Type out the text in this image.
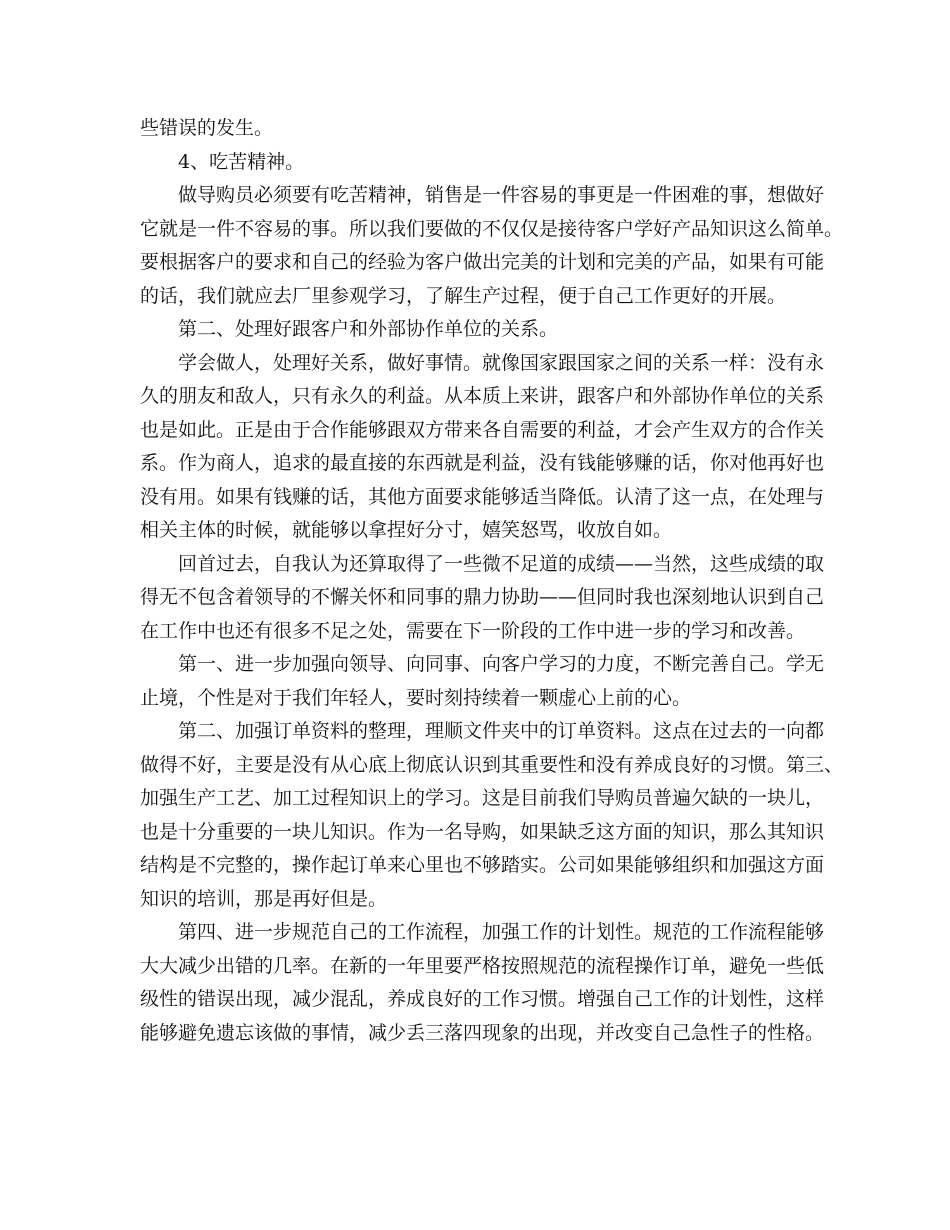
些错误的发生。
4、吃苦精神。
做导购员必须要有吃苦精神，销售是一件容易的事更是一件困难的事，想做好
它就是一件不容易的事。所以我们要做的不仅仅是接待客户学好产品知识这么简单。
要根据客户的要求和自己的经验为客户做出完美的计划和完美的产品，如果有可能
的话，我们就应去厂里参观学习，了解生产过程，便于自己工作更好的开展。
第二、处理好跟客户和外部协作单位的关系。
学会做人，处理好关系，做好事情。就像国家跟国家之间的关系一样：没有永
久的朋友和敌人，只有永久的利益。从本质上来讲，跟客户和外部协作单位的关系
也是如此。正是由于合作能够跟双方带来各自需要的利益，才会产生双方的合作关
系。作为商人，追求的最直接的东西就是利益，没有钱能够赚的话，你对他再好也
没有用。如果有钱赚的话，其他方面要求能够适当降低。认清了这一点，在处理与
相关主体的时候，就能够以拿捏好分寸，嬉笑怒骂，收放自如。
回首过去，自我认为还算取得了一些微不足道的成绩——当然，这些成绩的取
得无不包含着领导的不懈关怀和同事的鼎力协助——但同时我也深刻地认识到自己
在工作中也还有很多不足之处，需要在下一阶段的工作中进一步的学习和改善。
第一、进一步加强向领导、向同事、向客户学习的力度，不断完善自己。学无
止境，个性是对于我们年轻人，要时刻持续着一颗虚心上前的心。
第二、加强订单资料的整理，理顺文件夹中的订单资料。这点在过去的一向都
做得不好，主要是没有从心底上彻底认识到其重要性和没有养成良好的习惯。第三、
加强生产工艺、加工过程知识上的学习。这是目前我们导购员普遍欠缺的一块儿，
也是十分重要的一块儿知识。作为一名导购，如果缺乏这方面的知识，那么其知识
结构是不完整的，操作起订单来心里也不够踏实。公司如果能够组织和加强这方面
知识的培训，那是再好但是。
第四、进一步规范自己的工作流程，加强工作的计划性。规范的工作流程能够
大大减少出错的几率。在新的一年里要严格按照规范的流程操作订单，避免一些低
级性的错误出现，减少混乱，养成良好的工作习惯。增强自己工作的计划性，这样
能够避免遗忘该做的事情，减少丢三落四现象的出现，并改变自己急性子的性格。
